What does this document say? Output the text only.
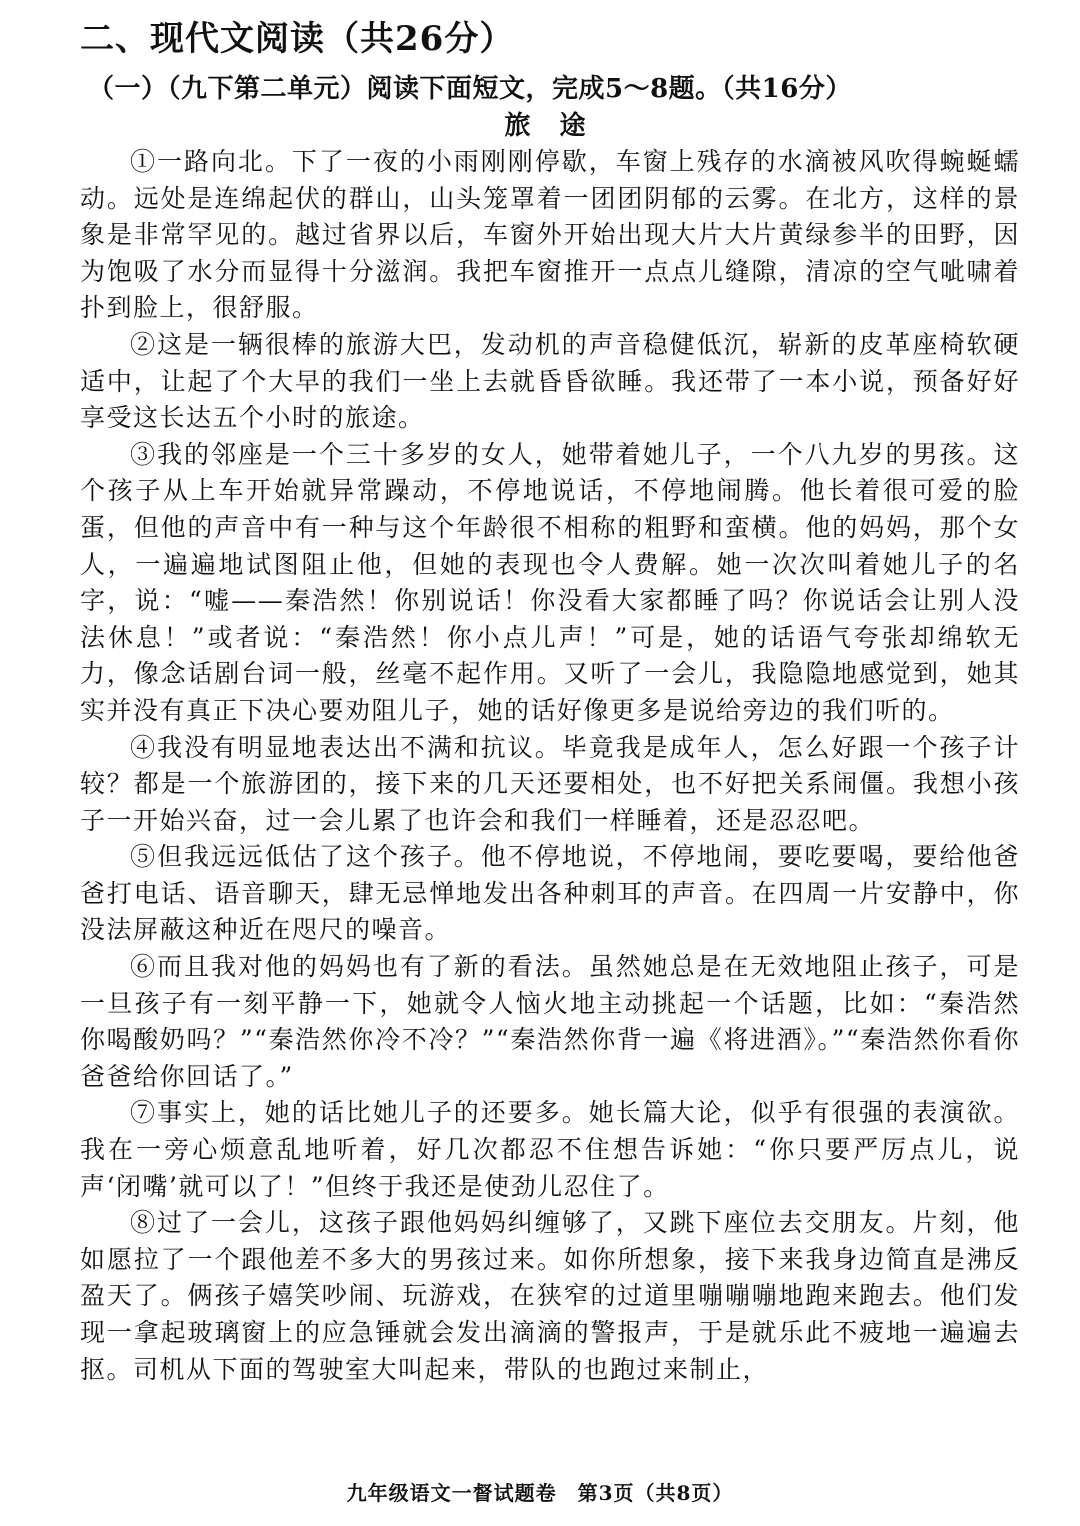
二、现代文阅读（共26分）
（一）（九下第二单元）阅读下面短文，完成5～8题。（共16分）
旅 途

①一路向北。下了一夜的小雨刚刚停歇，车窗上残存的水滴被风吹得蜿蜒蠕动。远处是连绵起伏的群山，山头笼罩着一团团阴郁的云雾。在北方，这样的景象是非常罕见的。越过省界以后，车窗外开始出现大片大片黄绿参半的田野，因为饱吸了水分而显得十分滋润。我把车窗推开一点点儿缝隙，清凉的空气呲啸着扑到脸上，很舒服。

②这是一辆很棒的旅游大巴，发动机的声音稳健低沉，崭新的皮革座椅软硬适中，让起了个大早的我们一坐上去就昏昏欲睡。我还带了一本小说，预备好好享受这长达五个小时的旅途。

③我的邻座是一个三十多岁的女人，她带着她儿子，一个八九岁的男孩。这个孩子从上车开始就异常躁动，不停地说话，不停地闹腾。他长着很可爱的脸蛋，但他的声音中有一种与这个年龄很不相称的粗野和蛮横。他的妈妈，那个女人，一遍遍地试图阻止他，但她的表现也令人费解。她一次次叫着她儿子的名字，说：“嘘——秦浩然！你别说话！你没看大家都睡了吗？你说话会让别人没法休息！”或者说：“秦浩然！你小点儿声！”可是，她的话语气夸张却绵软无力，像念话剧台词一般，丝毫不起作用。又听了一会儿，我隐隐地感觉到，她其实并没有真正下决心要劝阻儿子，她的话好像更多是说给旁边的我们听的。

④我没有明显地表达出不满和抗议。毕竟我是成年人，怎么好跟一个孩子计较？都是一个旅游团的，接下来的几天还要相处，也不好把关系闹僵。我想小孩子一开始兴奋，过一会儿累了也许会和我们一样睡着，还是忍忍吧。

⑤但我远远低估了这个孩子。他不停地说，不停地闹，要吃要喝，要给他爸爸打电话、语音聊天，肆无忌惮地发出各种刺耳的声音。在四周一片安静中，你没法屏蔽这种近在咫尺的噪音。

⑥而且我对他的妈妈也有了新的看法。虽然她总是在无效地阻止孩子，可是一旦孩子有一刻平静一下，她就令人恼火地主动挑起一个话题，比如：“秦浩然你喝酸奶吗？”“秦浩然你冷不冷？”“秦浩然你背一遍《将进酒》。”“秦浩然你看你爸爸给你回话了。”

⑦事实上，她的话比她儿子的还要多。她长篇大论，似乎有很强的表演欲。我在一旁心烦意乱地听着，好几次都忍不住想告诉她：“你只要严厉点儿，说声‘闭嘴’就可以了！”但终于我还是使劲儿忍住了。

⑧过了一会儿，这孩子跟他妈妈纠缠够了，又跳下座位去交朋友。片刻，他如愿拉了一个跟他差不多大的男孩过来。如你所想象，接下来我身边简直是沸反盈天了。俩孩子嬉笑吵闹、玩游戏，在狭窄的过道里嘣嘣嘣地跑来跑去。他们发现一拿起玻璃窗上的应急锤就会发出滴滴的警报声，于是就乐此不疲地一遍遍去抠。司机从下面的驾驶室大叫起来，带队的也跑过来制止，

九年级语文一督试题卷　第3页（共8页）
